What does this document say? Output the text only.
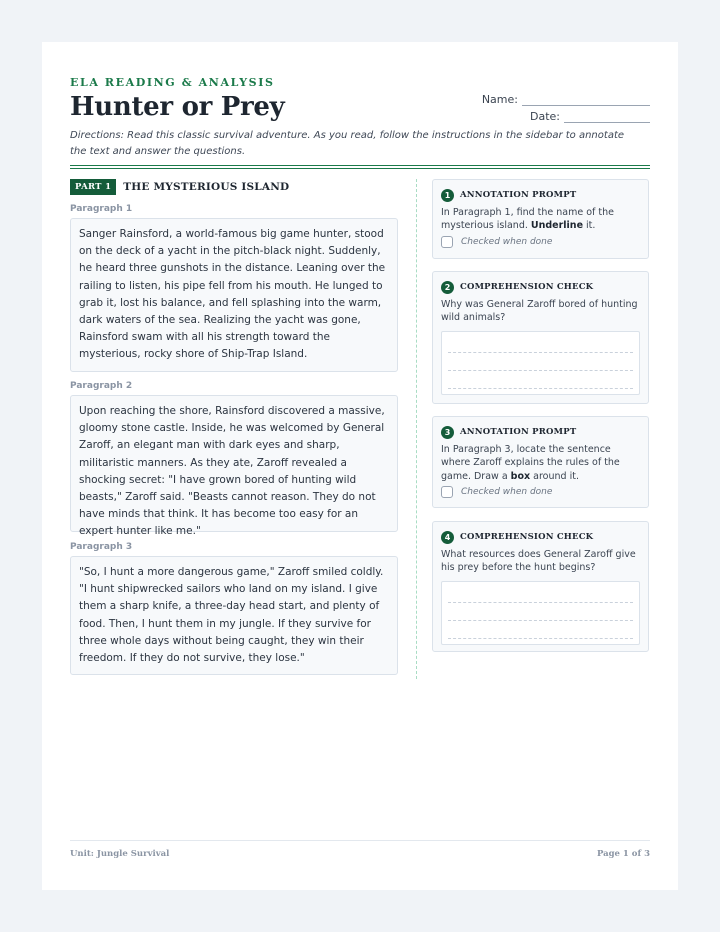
ELA READING & ANALYSIS
Hunter or Prey	Name:
Date:
Directions: Read this classic survival adventure. As you read, follow the instructions in the sidebar to annotate the text and answer the questions.
PART 1	THE MYSTERIOUS ISLAND
Paragraph 1

Sanger Rainsford, a world-famous big game hunter, stood on the deck of a yacht in the pitch-black night. Suddenly, he heard three gunshots in the distance. Leaning over the railing to listen, his pipe fell from his mouth. He lunged to grab it, lost his balance, and fell splashing into the warm, dark waters of the sea. Realizing the yacht was gone, Rainsford swam with all his strength toward the mysterious, rocky shore of Ship-Trap Island.

Paragraph 2

Upon reaching the shore, Rainsford discovered a massive, gloomy stone castle. Inside, he was welcomed by General Zaroff, an elegant man with dark eyes and sharp, militaristic manners. As they ate, Zaroff revealed a shocking secret: "I have grown bored of hunting wild beasts," Zaroff said. "Beasts cannot reason. They do not have minds that think. It has become too easy for an expert hunter like me."

Paragraph 3

"So, I hunt a more dangerous game," Zaroff smiled coldly. "I hunt shipwrecked sailors who land on my island. I give them a sharp knife, a three-day head start, and plenty of food. Then, I hunt them in my jungle. If they survive for three whole days without being caught, they win their freedom. If they do not survive, they lose."

1	ANNOTATION PROMPT
In Paragraph 1, find the name of the mysterious island. Underline it.
Checked when done
2	COMPREHENSION CHECK
Why was General Zaroff bored of hunting wild animals?
3	ANNOTATION PROMPT
In Paragraph 3, locate the sentence where Zaroff explains the rules of the game. Draw a box around it.
Checked when done
4	COMPREHENSION CHECK
What resources does General Zaroff give his prey before the hunt begins?
Unit: Jungle Survival	Page 1 of 3
